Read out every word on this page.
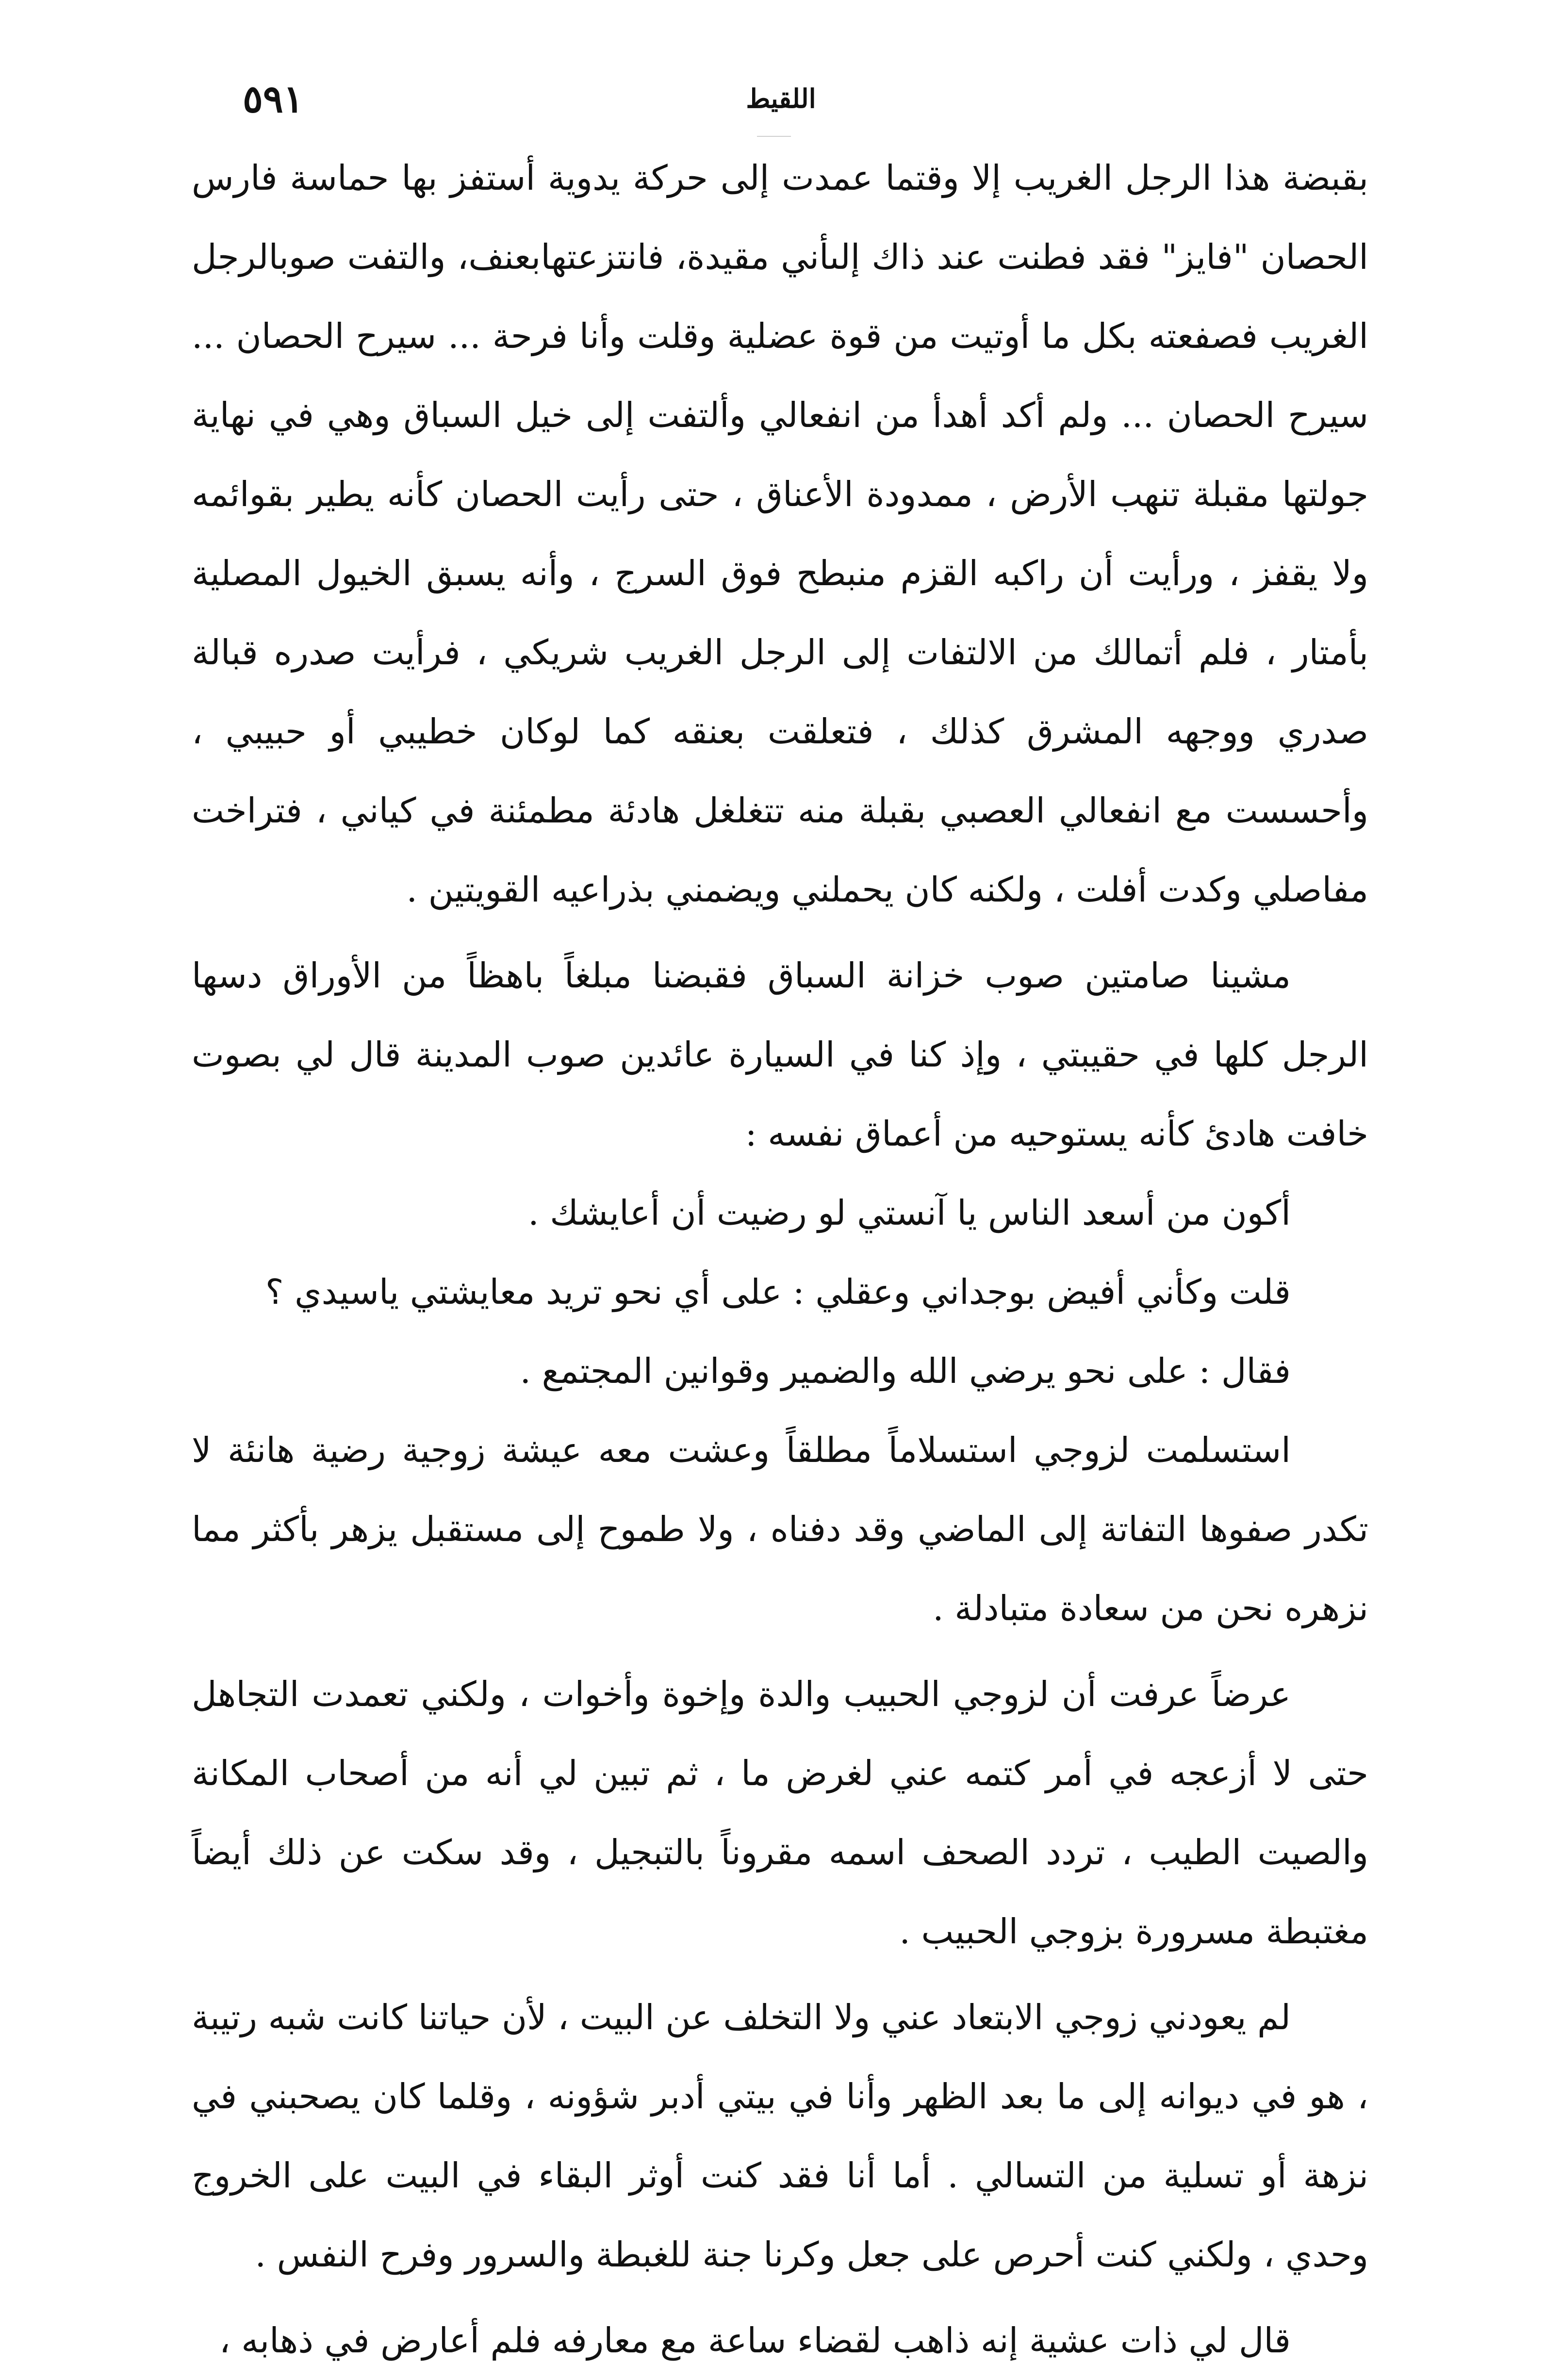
٥٩١	اللقيط

بقبضة هذا الرجل الغريب إلا وقتما عمدت إلى حركة يدوية أستفز بها حماسة فارس الحصان "فايز" فقد فطنت عند ذاك إلىأني مقيدة، فانتزعتهابعنف، والتفت صوبالرجل الغريب فصفعته بكل ما أوتيت من قوة عضلية وقلت وأنا فرحة ... سيرح الحصان ... سيرح الحصان ... ولم أكد أهدأ من انفعالي وألتفت إلى خيل السباق وهي في نهاية جولتها مقبلة تنهب الأرض ، ممدودة الأعناق ، حتى رأيت الحصان كأنه يطير بقوائمه ولا يقفز ، ورأيت أن راكبه القزم منبطح فوق السرج ، وأنه يسبق الخيول المصلية بأمتار ، فلم أتمالك من الالتفات إلى الرجل الغريب شريكي ، فرأيت صدره قبالة صدري ووجهه المشرق كذلك ، فتعلقت بعنقه كما لوكان خطيبي أو حبيبي ، وأحسست مع انفعالي العصبي بقبلة منه تتغلغل هادئة مطمئنة في كياني ، فتراخت مفاصلي وكدت أفلت ، ولكنه كان يحملني ويضمني بذراعيه القويتين .

مشينا صامتين صوب خزانة السباق فقبضنا مبلغاً باهظاً من الأوراق دسها الرجل كلها في حقيبتي ، وإذ كنا في السيارة عائدين صوب المدينة قال لي بصوت خافت هادئ كأنه يستوحيه من أعماق نفسه :

أكون من أسعد الناس يا آنستي لو رضيت أن أعايشك .

قلت وكأني أفيض بوجداني وعقلي : على أي نحو تريد معايشتي ياسيدي ؟

فقال : على نحو يرضي الله والضمير وقوانين المجتمع .

استسلمت لزوجي استسلاماً مطلقاً وعشت معه عيشة زوجية رضية هانئة لا تكدر صفوها التفاتة إلى الماضي وقد دفناه ، ولا طموح إلى مستقبل يزهر بأكثر مما نزهره نحن من سعادة متبادلة .

عرضاً عرفت أن لزوجي الحبيب والدة وإخوة وأخوات ، ولكني تعمدت التجاهل حتى لا أزعجه في أمر كتمه عني لغرض ما ، ثم تبين لي أنه من أصحاب المكانة والصيت الطيب ، تردد الصحف اسمه مقروناً بالتبجيل ، وقد سكت عن ذلك أيضاً مغتبطة مسرورة بزوجي الحبيب .

لم يعودني زوجي الابتعاد عني ولا التخلف عن البيت ، لأن حياتنا كانت شبه رتيبة ، هو في ديوانه إلى ما بعد الظهر وأنا في بيتي أدبر شؤونه ، وقلما كان يصحبني في نزهة أو تسلية من التسالي . أما أنا فقد كنت أوثر البقاء في البيت على الخروج وحدي ، ولكني كنت أحرص على جعل وكرنا جنة للغبطة والسرور وفرح النفس .

قال لي ذات عشية إنه ذاهب لقضاء ساعة مع معارفه فلم أعارض في ذهابه ،
